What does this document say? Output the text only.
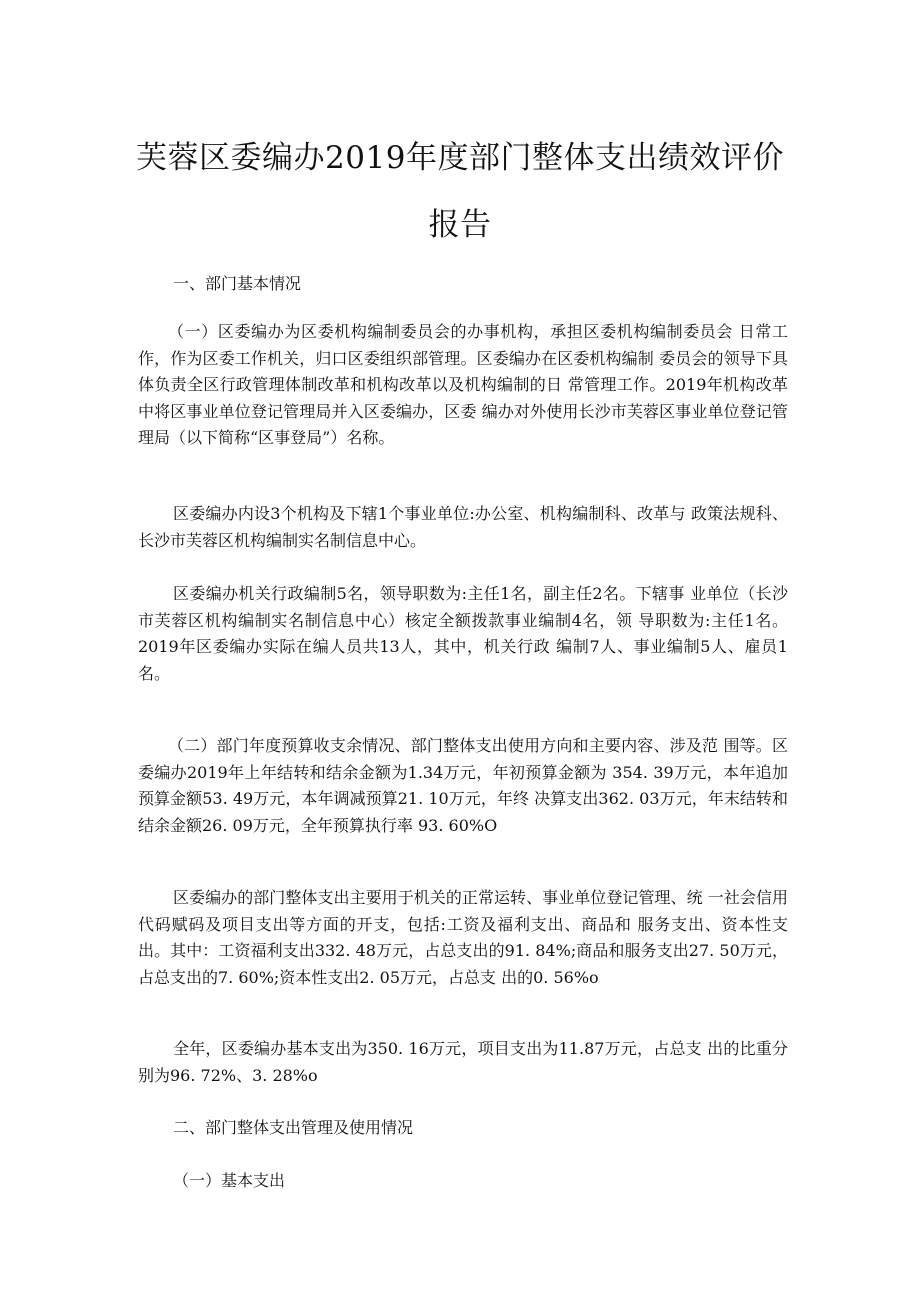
芙蓉区委编办2019年度部门整体支出绩效评价
报告
一、部门基本情况
（一）区委编办为区委机构编制委员会的办事机构，承担区委机构编制委员会 日常工作，作为区委工作机关，归口区委组织部管理。区委编办在区委机构编制 委员会的领导下具体负责全区行政管理体制改革和机构改革以及机构编制的日 常管理工作。2019年机构改革中将区事业单位登记管理局并入区委编办，区委 编办对外使用长沙市芙蓉区事业单位登记管理局（以下简称“区事登局”）名称。
区委编办内设3个机构及下辖1个事业单位:办公室、机构编制科、改革与 政策法规科、长沙市芙蓉区机构编制实名制信息中心。
区委编办机关行政编制5名，领导职数为:主任1名，副主任2名。下辖事 业单位（长沙市芙蓉区机构编制实名制信息中心）核定全额拨款事业编制4名，领 导职数为:主任1名。2019年区委编办实际在编人员共13人，其中，机关行政 编制7人、事业编制5人、雇员1名。
（二）部门年度预算收支余情况、部门整体支出使用方向和主要内容、涉及范 围等。区委编办2019年上年结转和结余金额为1.34万元，年初预算金额为 354. 39万元，本年追加预算金额53. 49万元，本年调减预算21. 10万元，年终 决算支出362. 03万元，年末结转和结余金额26. 09万元，全年预算执行率 93. 60%O
区委编办的部门整体支出主要用于机关的正常运转、事业单位登记管理、统 一社会信用代码赋码及项目支出等方面的开支，包括:工资及福利支出、商品和 服务支出、资本性支出。其中：工资福利支出332. 48万元，占总支出的91. 84%;商品和服务支出27. 50万元，占总支出的7. 60%;资本性支出2. 05万元，占总支 出的0. 56%o
全年，区委编办基本支出为350. 16万元，项目支出为11.87万元，占总支 出的比重分别为96. 72%、3. 28%o
二、部门整体支出管理及使用情况
（一）基本支出
